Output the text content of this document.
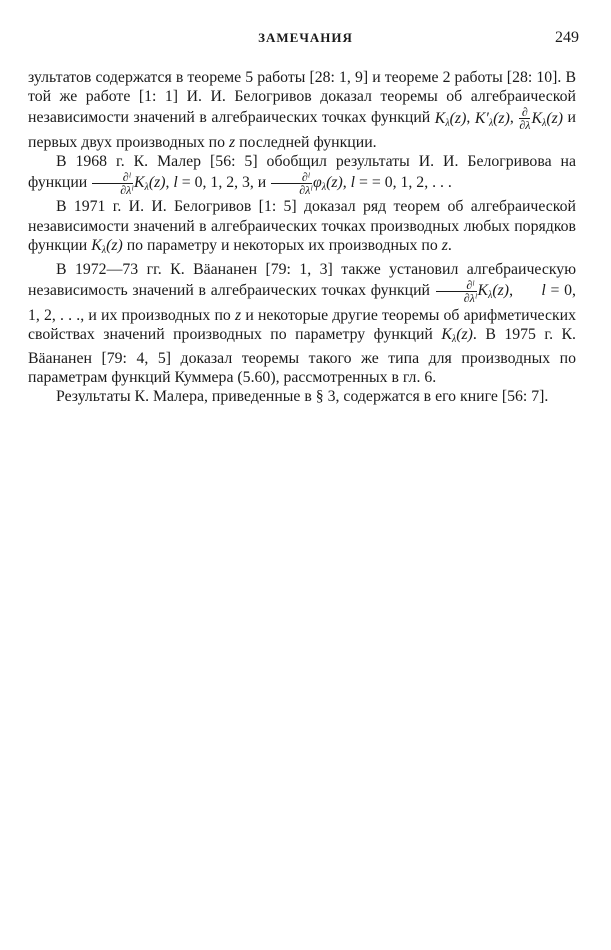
ЗАМЕЧАНИЯ	249

зультатов содержатся в теореме 5 работы [28: 1, 9] и теореме 2 работы [28: 10]. В той же работе [1: 1] И. И. Белогривов доказал теоремы об алгебраической независимости значений в алгебраических точках функций $K_\lambda(z)$, $K'_\lambda(z)$, $\frac{\partial}{\partial\lambda} K_\lambda(z)$ и первых двух производных по z последней функции.

В 1968 г. К. Малер [56: 5] обобщил результаты И. И. Белогривова на функции $\frac{\text{∂ˡ}}{\text{∂λˡ}} K_\lambda(z)$, l = 0, 1, 2, 3, и $\frac{\text{∂ˡ}}{\text{∂λˡ}} \varphi_\lambda(z)$, l = = 0, 1, 2, . . .

В 1971 г. И. И. Белогривов [1: 5] доказал ряд теорем об алгебраической независимости значений в алгебраических точках производных любых порядков функции $K_\lambda(z)$ по параметру и некоторых их производных по z.

В 1972—73 гг. К. Вäананен [79: 1, 3] также установил алгебраическую независимость значений в алгебраических точках функций $\frac{\text{∂ˡ}}{\text{∂λˡ}} K_\lambda(z)$,      l = 0, 1, 2, . . ., и их производных по z и некоторые другие теоремы об арифметических свойствах значений производных по параметру функций $K_\lambda(z)$. В 1975 г. К. Вäананен [79: 4, 5] доказал теоремы такого же типа для производных по параметрам функций Куммера (5.60), рассмотренных в гл. 6.

Результаты К. Малера, приведенные в § 3, содержатся в его книге [56: 7].
